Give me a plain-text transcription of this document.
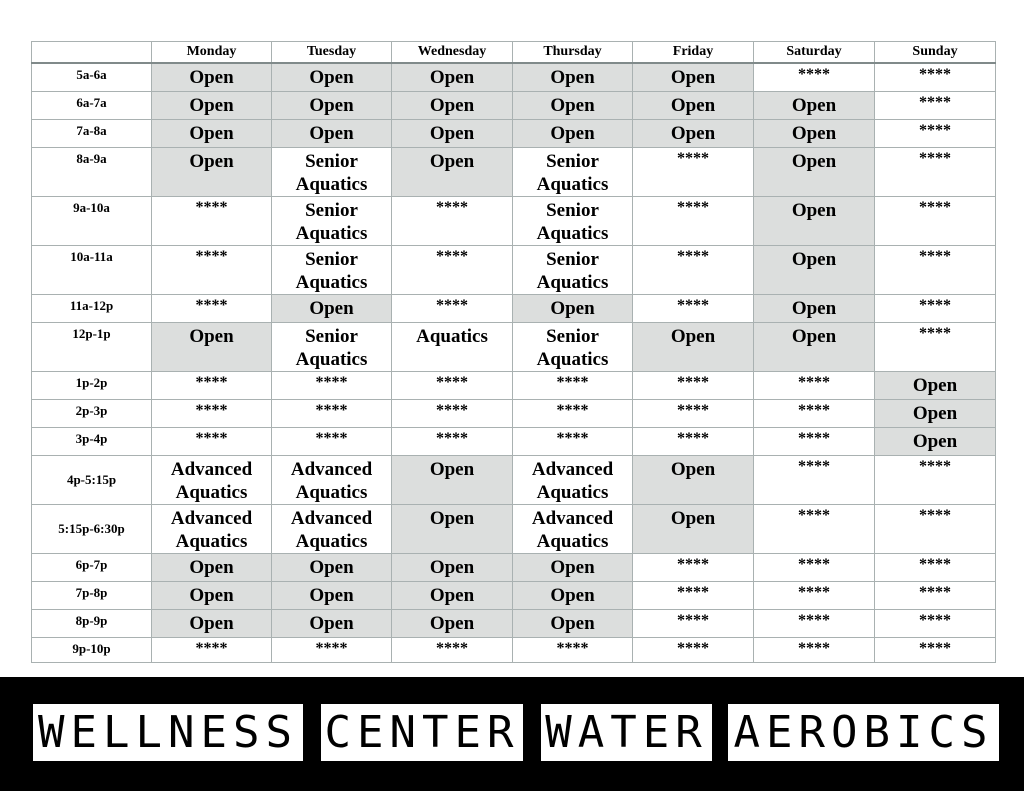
	Monday	Tuesday	Wednesday	Thursday	Friday	Saturday	Sunday
5a-6a	Open	Open	Open	Open	Open	****	****
6a-7a	Open	Open	Open	Open	Open	Open	****
7a-8a	Open	Open	Open	Open	Open	Open	****
8a-9a	Open	Senior Aquatics	Open	Senior Aquatics	****	Open	****
9a-10a	****	Senior Aquatics	****	Senior Aquatics	****	Open	****
10a-11a	****	Senior Aquatics	****	Senior Aquatics	****	Open	****
11a-12p	****	Open	****	Open	****	Open	****
12p-1p	Open	Senior Aquatics	Aquatics	Senior Aquatics	Open	Open	****
1p-2p	****	****	****	****	****	****	Open
2p-3p	****	****	****	****	****	****	Open
3p-4p	****	****	****	****	****	****	Open
4p-5:15p	Advanced Aquatics	Advanced Aquatics	Open	Advanced Aquatics	Open	****	****
5:15p-6:30p	Advanced Aquatics	Advanced Aquatics	Open	Advanced Aquatics	Open	****	****
6p-7p	Open	Open	Open	Open	****	****	****
7p-8p	Open	Open	Open	Open	****	****	****
8p-9p	Open	Open	Open	Open	****	****	****
9p-10p	****	****	****	****	****	****	****
WELLNESS CENTER WATER AEROBICS
